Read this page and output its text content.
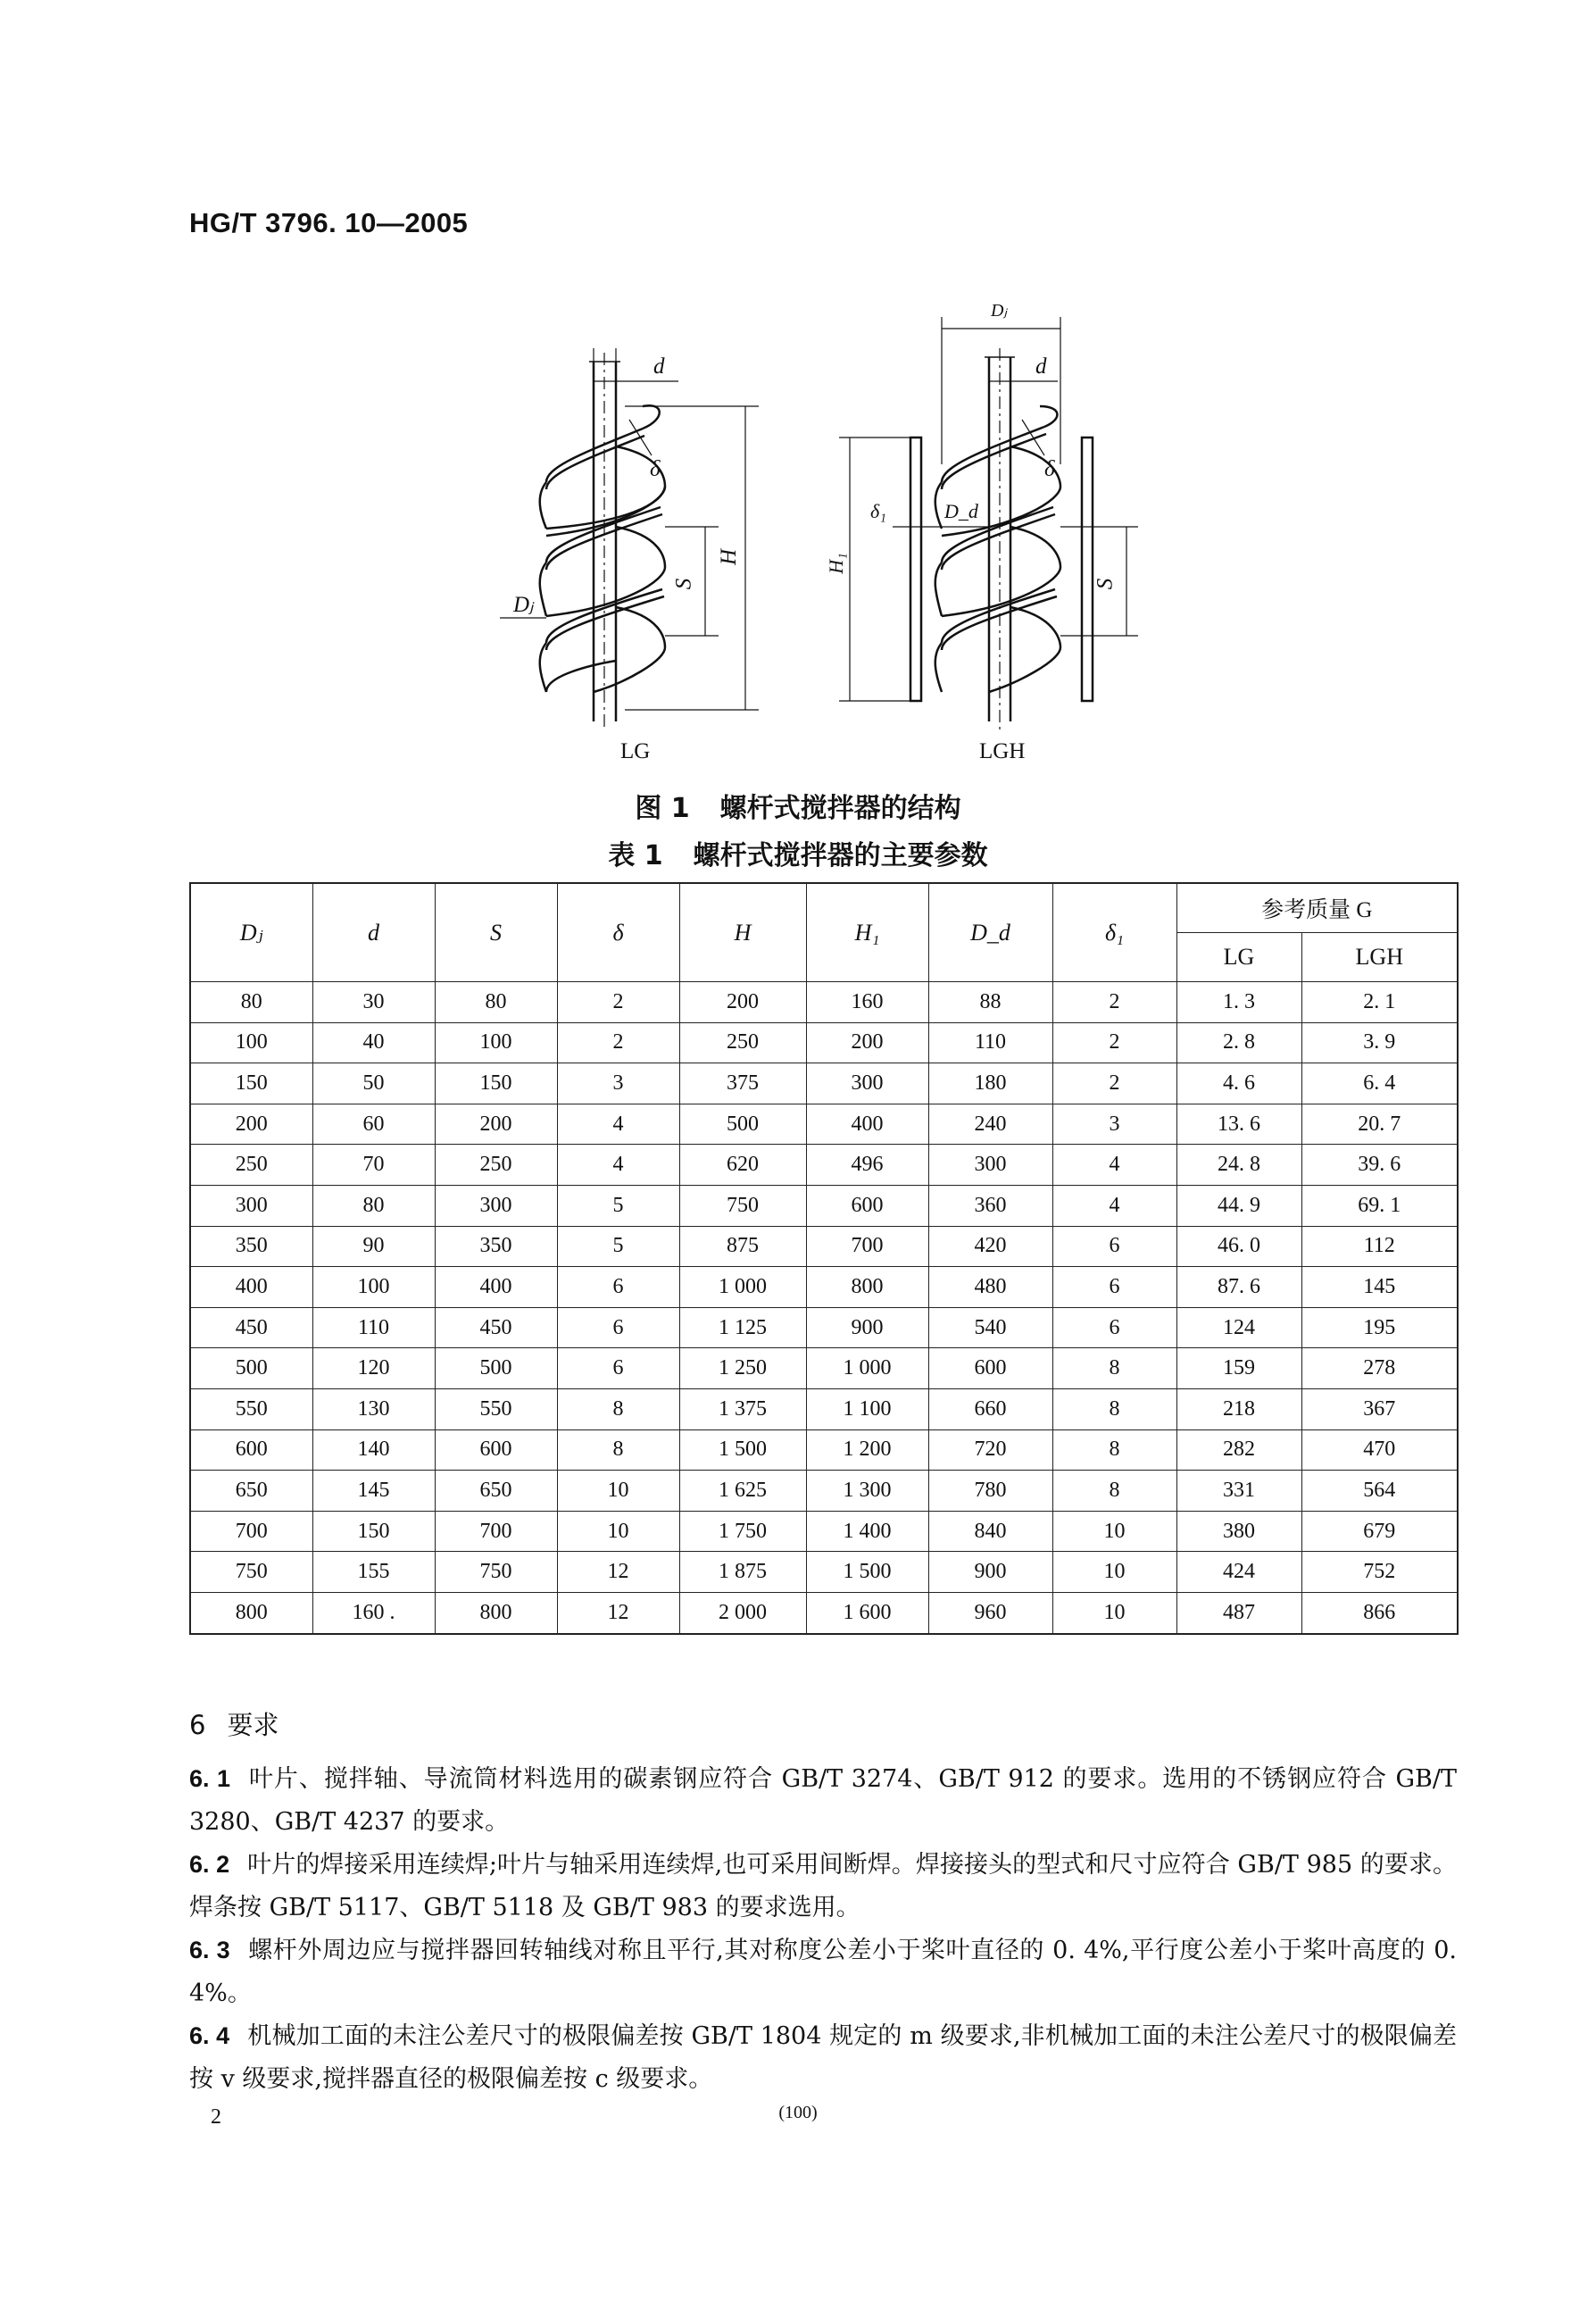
HG/T 3796. 10—2005
d
δ
S
H
Dⱼ
LG
Dⱼ
d
δ
H₁
δ₁	D_d
S
LGH
图 1 螺杆式搅拌器的结构
表 1 螺杆式搅拌器的主要参数
Dⱼ	d	S	δ	H	H₁	D_d	δ₁	参考质量 G	
								LG	LGH
80	30	80	2	200	160	88	2	1. 3	2. 1
100	40	100	2	250	200	110	2	2. 8	3. 9
150	50	150	3	375	300	180	2	4. 6	6. 4
200	60	200	4	500	400	240	3	13. 6	20. 7
250	70	250	4	620	496	300	4	24. 8	39. 6
300	80	300	5	750	600	360	4	44. 9	69. 1
350	90	350	5	875	700	420	6	46. 0	112
400	100	400	6	1 000	800	480	6	87. 6	145
450	110	450	6	1 125	900	540	6	124	195
500	120	500	6	1 250	1 000	600	8	159	278
550	130	550	8	1 375	1 100	660	8	218	367
600	140	600	8	1 500	1 200	720	8	282	470
650	145	650	10	1 625	1 300	780	8	331	564
700	150	700	10	1 750	1 400	840	10	380	679
750	155	750	12	1 875	1 500	900	10	424	752
800	160 .	800	12	2 000	1 600	960	10	487	866
6 要求
6. 1 叶片、搅拌轴、导流筒材料选用的碳素钢应符合 GB/T 3274、GB/T 912 的要求。选用的不锈钢应符合 GB/T 3280、GB/T 4237 的要求。
6. 2 叶片的焊接采用连续焊;叶片与轴采用连续焊,也可采用间断焊。焊接接头的型式和尺寸应符合 GB/T 985 的要求。焊条按 GB/T 5117、GB/T 5118 及 GB/T 983 的要求选用。
6. 3 螺杆外周边应与搅拌器回转轴线对称且平行,其对称度公差小于桨叶直径的 0. 4%,平行度公差小于桨叶高度的 0. 4%。
6. 4 机械加工面的未注公差尺寸的极限偏差按 GB/T 1804 规定的 m 级要求,非机械加工面的未注公差尺寸的极限偏差按 v 级要求,搅拌器直径的极限偏差按 c 级要求。
2	(100)
